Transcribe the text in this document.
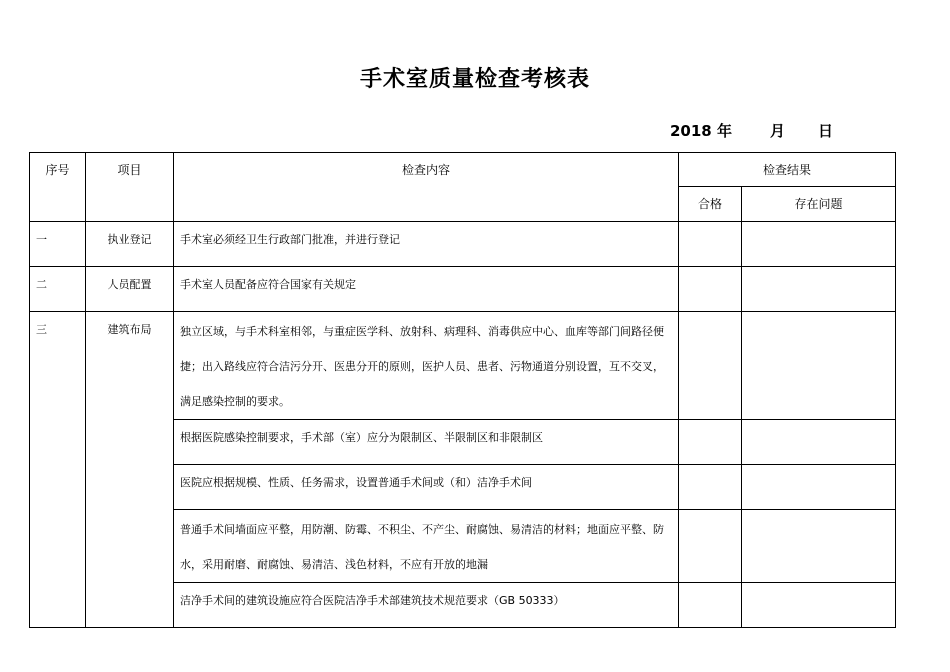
手术室质量检查考核表
2018 年	月 日
序号	项目	检查内容	检查结果	
			合格	存在问题
一	执业登记	手术室必须经卫生行政部门批准，并进行登记		
二	人员配置	手术室人员配备应符合国家有关规定		
三	建筑布局	独立区域，与手术科室相邻，与重症医学科、放射科、病理科、消毒供应中心、血库等部门间路径便捷；出入路线应符合洁污分开、医患分开的原则，医护人员、患者、污物通道分别设置，互不交叉，满足感染控制的要求。		

		根据医院感染控制要求，手术部（室）应分为限制区、半限制区和非限制区		
		医院应根据规模、性质、任务需求，设置普通手术间或（和）洁净手术间		

		普通手术间墙面应平整，用防潮、防霉、不积尘、不产尘、耐腐蚀、易清洁的材料；地面应平整、防水，采用耐磨、耐腐蚀、易清洁、浅色材料，不应有开放的地漏		

		洁净手术间的建筑设施应符合医院洁净手术部建筑技术规范要求（GB 50333）		
